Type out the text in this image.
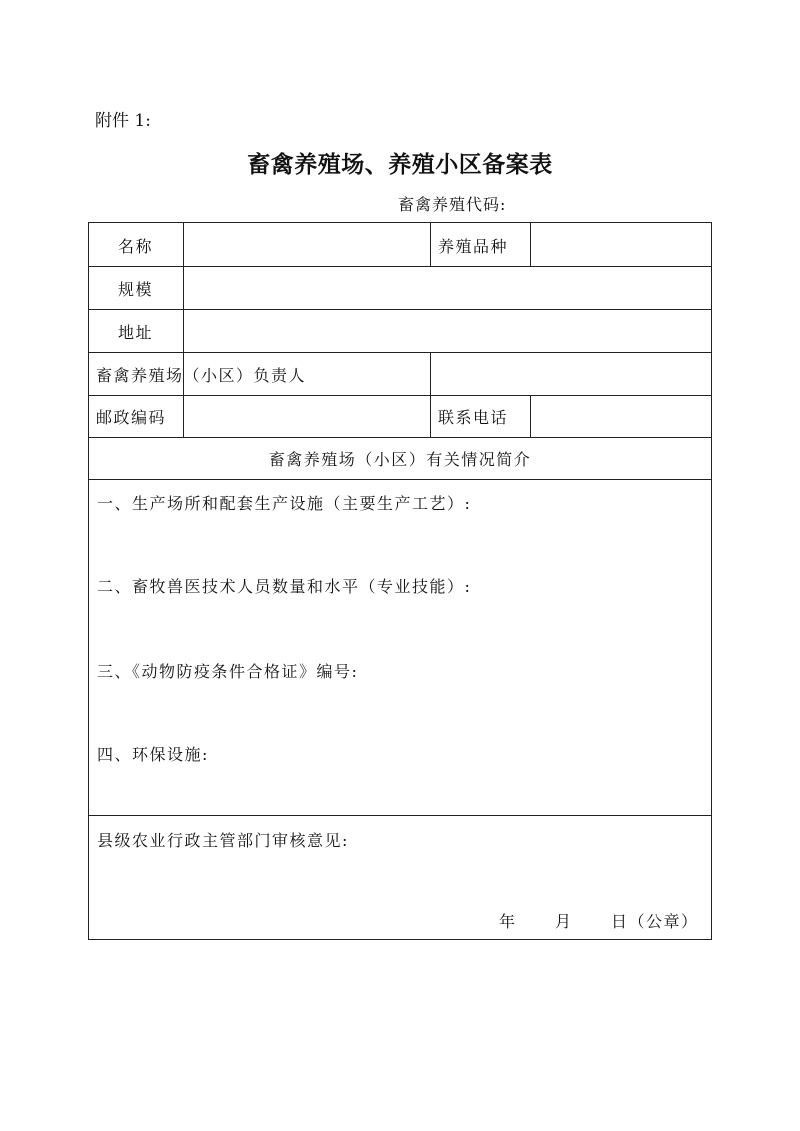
附件 1:
畜禽养殖场、养殖小区备案表
畜禽养殖代码:
名称	养殖品种
规模
地址
畜禽养殖场（小区）负责人
邮政编码	联系电话
畜禽养殖场（小区）有关情况简介
一、生产场所和配套生产设施（主要生产工艺）:
二、畜牧兽医技术人员数量和水平（专业技能）:
三、《动物防疫条件合格证》编号:
四、环保设施:
县级农业行政主管部门审核意见:
年 月 日（公章）
